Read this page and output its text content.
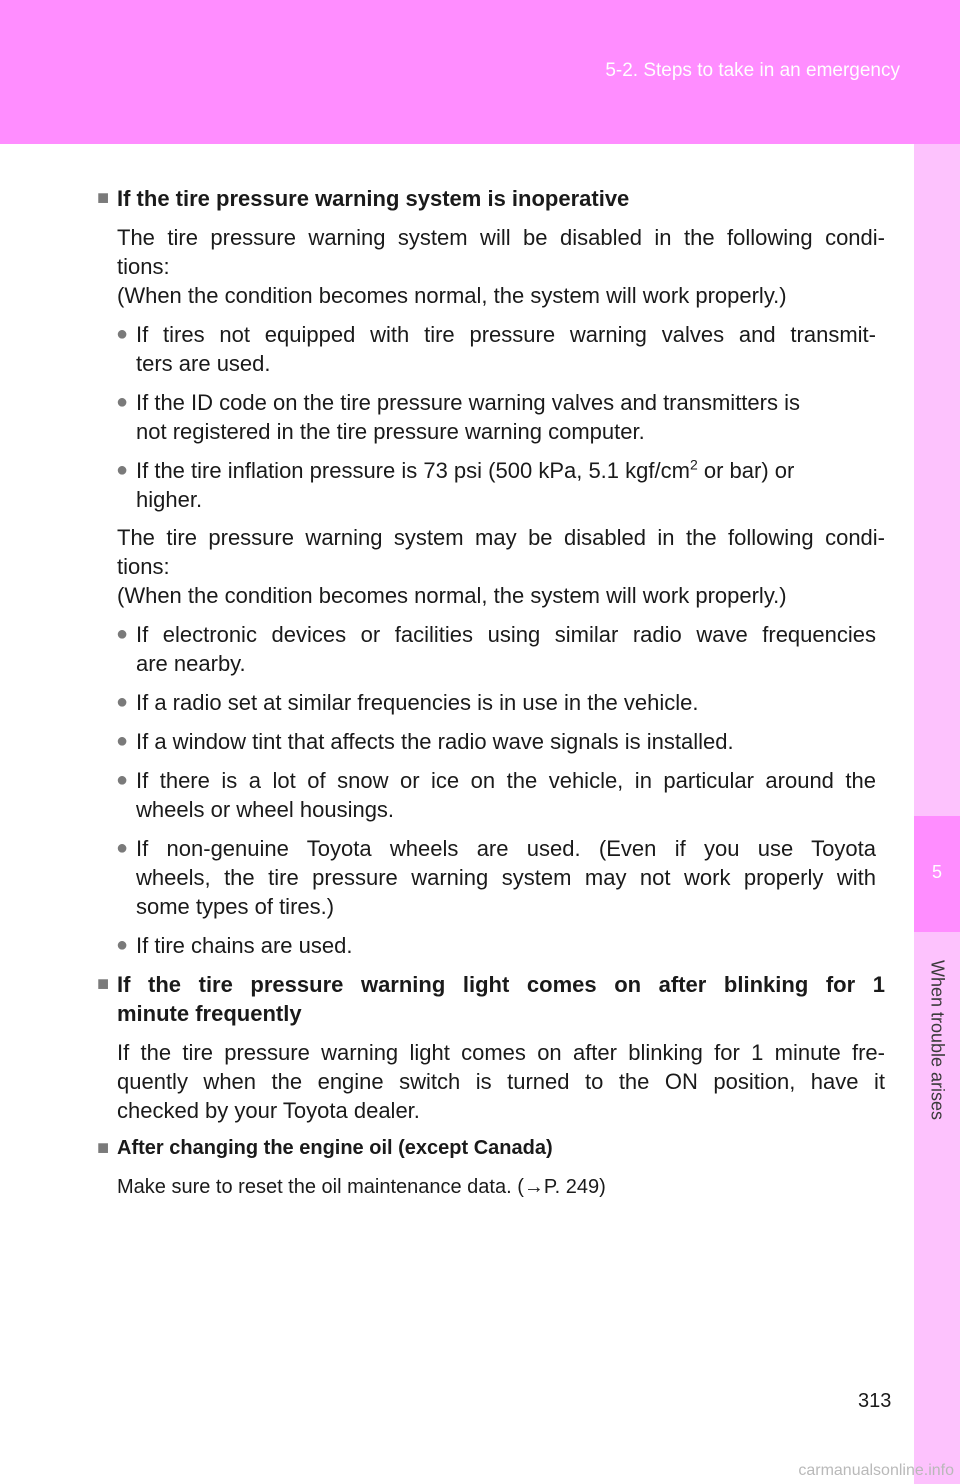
5-2. Steps to take in an emergency
5
When trouble arises
■ If the tire pressure warning system is inoperative
The tire pressure warning system will be disabled in the following condi-
tions:
(When the condition becomes normal, the system will work properly.)
● If tires not equipped with tire pressure warning valves and transmit-
ters are used.
● If the ID code on the tire pressure warning valves and transmitters is
not registered in the tire pressure warning computer.
● If the tire inflation pressure is 73 psi (500 kPa, 5.1 kgf/$cm^2$ or bar) or
higher.
The tire pressure warning system may be disabled in the following condi-
tions:
(When the condition becomes normal, the system will work properly.)
● If electronic devices or facilities using similar radio wave frequencies
are nearby.
● If a radio set at similar frequencies is in use in the vehicle.
● If a window tint that affects the radio wave signals is installed.
● If there is a lot of snow or ice on the vehicle, in particular around the
wheels or wheel housings.
● If non-genuine Toyota wheels are used. (Even if you use Toyota
wheels, the tire pressure warning system may not work properly with
some types of tires.)
● If tire chains are used.
■ If the tire pressure warning light comes on after blinking for 1
minute frequently
If the tire pressure warning light comes on after blinking for 1 minute fre-
quently when the engine switch is turned to the ON position, have it
checked by your Toyota dealer.
■ After changing the engine oil (except Canada)
Make sure to reset the oil maintenance data. (→P. 249)
313
carmanualsonline.info
